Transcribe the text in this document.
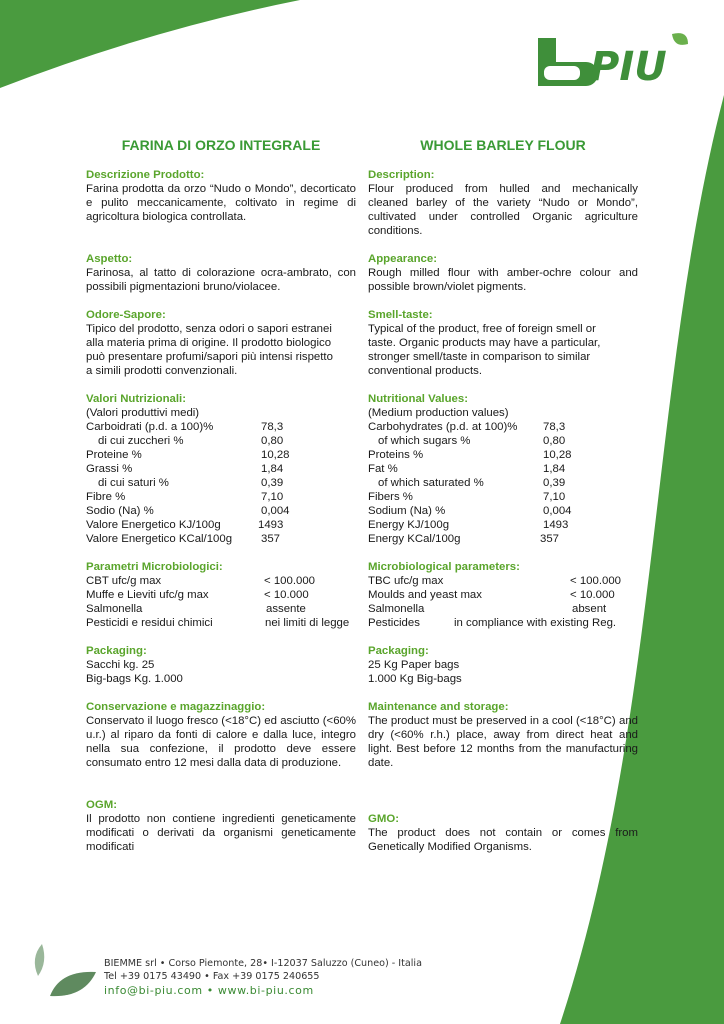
PIU
FARINA DI ORZO INTEGRALE
Descrizione Prodotto:
Farina prodotta da orzo “Nudo o Mondo”, decorticato e pulito meccanicamente, coltivato in regime di agricoltura biologica controllata.
Aspetto:
Farinosa, al tatto di colorazione ocra-ambrato, con possibili pigmentazioni bruno/violacee.
Odore-Sapore:
Tipico del prodotto, senza odori o sapori estranei
alla materia prima di origine. Il prodotto biologico
può presentare profumi/sapori più intensi rispetto
a simili prodotti convenzionali.
Valori Nutrizionali:
(Valori produttivi medi)
Carboidrati (p.d. a 100)%	78,3
di cui zuccheri %	0,80
Proteine %	10,28
Grassi %	1,84
di cui saturi %	0,39
Fibre %	7,10
Sodio (Na) %	0,004
Valore Energetico KJ/100g	1493
Valore Energetico KCal/100g	357
Parametri Microbiologici:
CBT ufc/g max	< 100.000
Muffe e Lieviti ufc/g max	< 10.000
Salmonella	assente
Pesticidi e residui chimici	nei limiti di legge
Packaging:
Sacchi kg. 25
Big-bags Kg. 1.000
Conservazione e magazzinaggio:
Conservato il luogo fresco (<18°C) ed asciutto (<60% u.r.) al riparo da fonti di calore e dalla luce, integro nella sua confezione, il prodotto deve essere consumato entro 12 mesi dalla data di produzione.
OGM:
Il prodotto non contiene ingredienti geneticamente modificati o derivati da organismi geneticamente modificati
WHOLE BARLEY FLOUR
Description:
Flour produced from hulled and mechanically cleaned barley of the variety “Nudo or Mondo”, cultivated under controlled Organic agriculture conditions.
Appearance:
Rough milled flour with amber-ochre colour and possible brown/violet pigments.
Smell-taste:
Typical of the product, free of foreign smell or
taste. Organic products may have a particular,
stronger smell/taste in comparison to similar
conventional products.
Nutritional Values:
(Medium production values)
Carbohydrates (p.d. at 100)% 78,3
of which sugars %	0,80
Proteins %	10,28
Fat %	1,84
of which saturated %	0,39
Fibers %	7,10
Sodium (Na) %	0,004
Energy KJ/100g	1493
Energy KCal/100g	357
Microbiological parameters:
TBC ufc/g max	< 100.000
Moulds and yeast max	< 10.000
Salmonella	absent
Pesticides	in compliance with existing Reg.
Packaging:
25 Kg Paper bags
1.000 Kg Big-bags
Maintenance and storage:
The product must be preserved in a cool (<18°C) and dry (<60% r.h.) place, away from direct heat and light. Best before 12 months from the manufacturing date.
GMO:
The product does not contain or comes from Genetically Modified Organisms.
BIEMME srl • Corso Piemonte, 28• I-12037 Saluzzo (Cuneo) - Italia
Tel +39 0175 43490 • Fax +39 0175 240655
info@bi-piu.com • www.bi-piu.com
